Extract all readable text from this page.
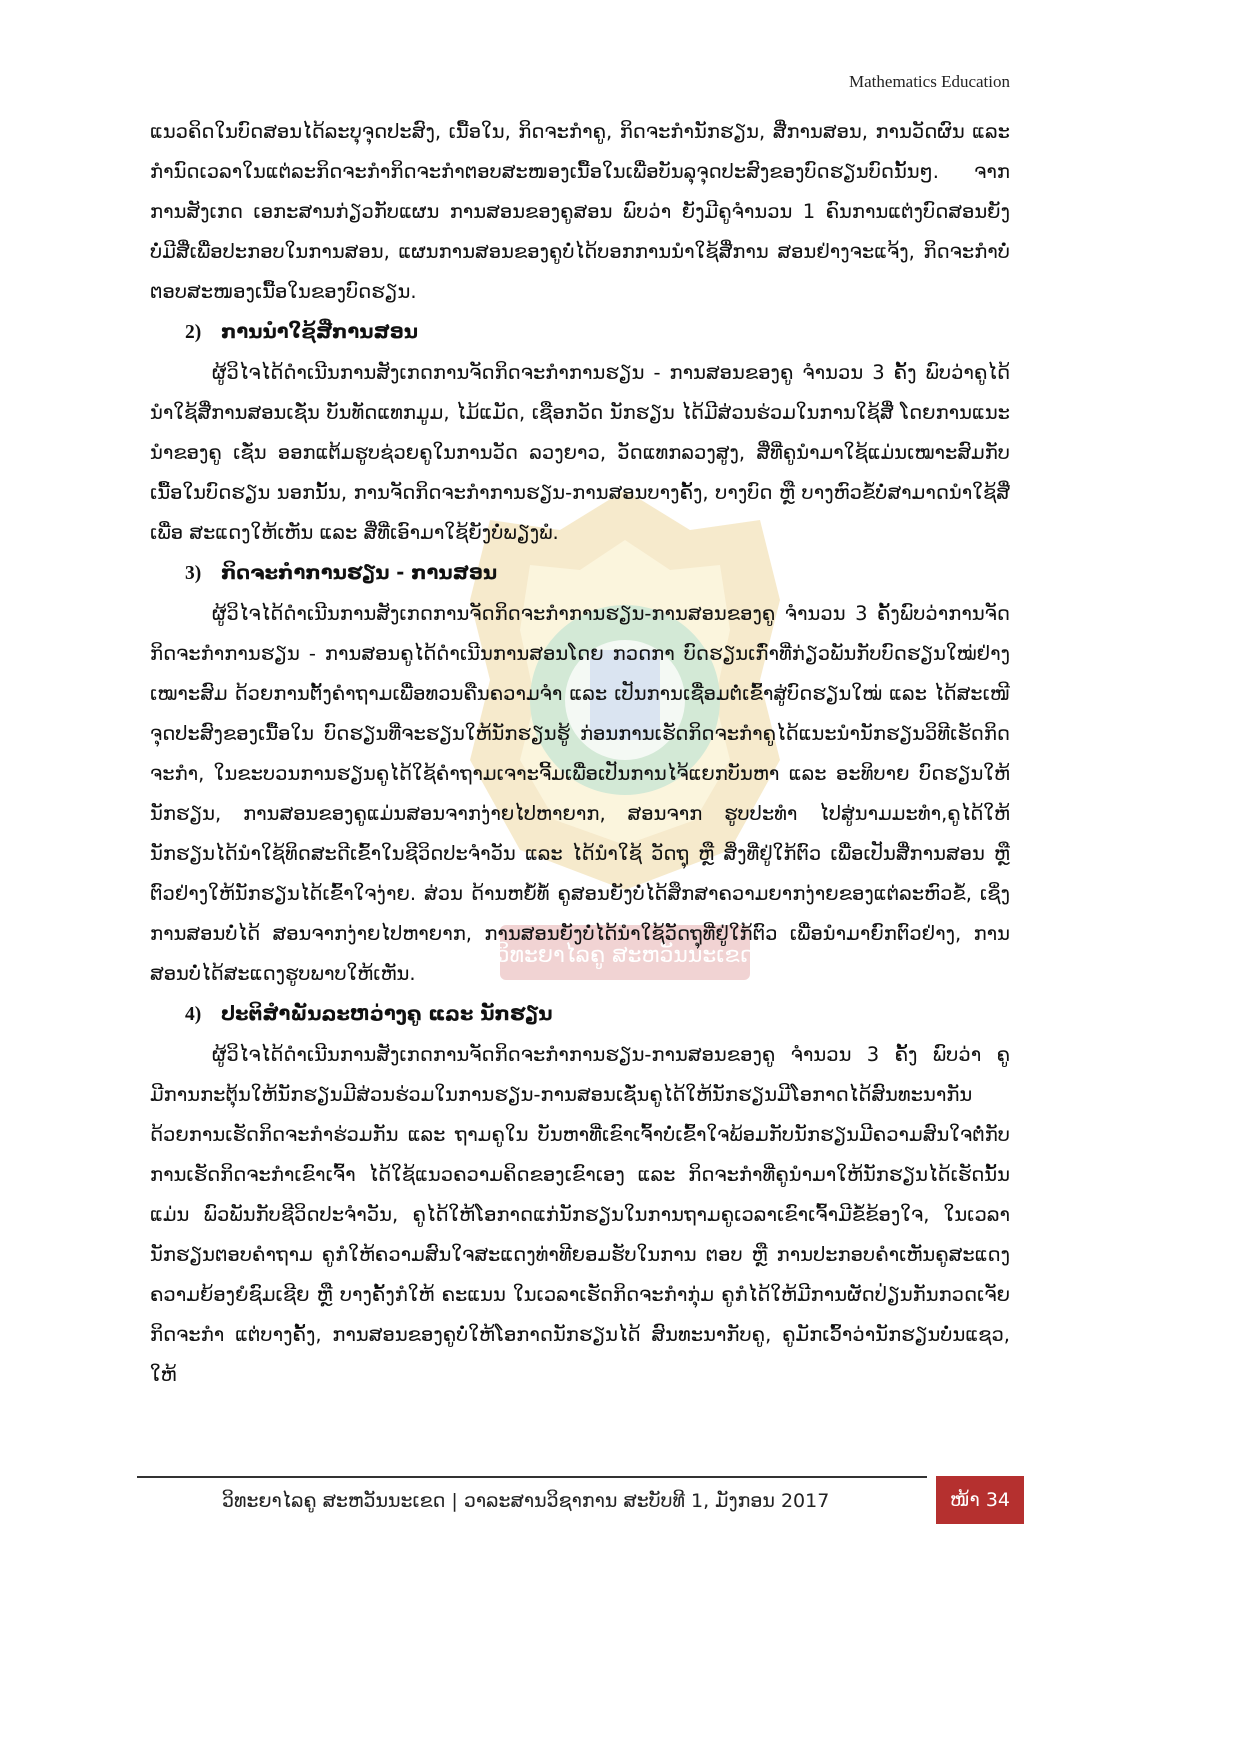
Mathematics Education
ວິທະຍາໄລຄູ ສະຫວັນນະເຂດ

ແນວຄິດໃນບົດສອນໄດ້ລະບຸຈຸດປະສົງ, ເນື້ອໃນ, ກິດຈະກໍາຄູ, ກິດຈະກໍານັກຮຽນ, ສື່ການສອນ, ການວັດຜົນ ແລະ ກໍານົດເວລາໃນແຕ່ລະກິດຈະກໍາກິດຈະກໍາຕອບສະໜອງເນື້ອໃນເພື່ອບັນລຸຈຸດປະສົງຂອງບົດຮຽນບົດນັ້ນໆ. ຈາກການສັງເກດ ເອກະສານກ່ຽວກັບແຜນ ການສອນຂອງຄູສອນ ພົບວ່າ ຍັງມີຄູຈໍານວນ 1 ຄົນການແຕ່ງບົດສອນຍັງບໍ່ມີສື່ເພື່ອປະກອບໃນການສອນ, ແຜນການສອນຂອງຄູບໍ່ໄດ້ບອກການນໍາໃຊ້ສື່ການ ສອນຢ່າງຈະແຈ້ງ, ກິດຈະກໍາບໍ່ຕອບສະໜອງເນື້ອໃນຂອງບົດຮຽນ.

2) ການນໍາໃຊ້ສື່ການສອນ

ຜູ້ວິໄຈໄດ້ດໍາເນີນການສັງເກດການຈັດກິດຈະກໍາການຮຽນ - ການສອນຂອງຄູ ຈໍານວນ 3 ຄັ້ງ ພົບວ່າຄູໄດ້ນໍາໃຊ້ສື່ການສອນເຊັ່ນ ບັນທັດແທກມູມ, ໄມ້ແມັດ, ເຊືອກວັດ ນັກຮຽນ ໄດ້ມີສ່ວນຮ່ວມໃນການໃຊ້ສື່ ໂດຍການແນະນໍາຂອງຄູ ເຊັ່ນ ອອກແຕ້ມຮູບຊ່ວຍຄູໃນການວັດ ລວງຍາວ, ວັດແທກລວງສູງ, ສື່ທີ່ຄູນໍາມາໃຊ້ແມ່ນເໝາະສົມກັບເນື້ອໃນບົດຮຽນ ນອກນັ້ນ, ການຈັດກິດຈະກໍາການຮຽນ-ການສອນບາງຄັ້ງ, ບາງບົດ ຫຼື ບາງຫົວຂໍ້ບໍ່ສາມາດນໍາໃຊ້ສື່ເພື່ອ ສະແດງໃຫ້ເຫັນ ແລະ ສື່ທີ່ເອົາມາໃຊ້ຍັງບໍ່ພຽງພໍ.

3) ກິດຈະກໍາການຮຽນ - ການສອນ

ຜູ້ວິໄຈໄດ້ດໍາເນີນການສັງເກດການຈັດກິດຈະກໍາການຮຽນ-ການສອນຂອງຄູ ຈໍານວນ 3 ຄັ້ງພົບວ່າການຈັດກິດຈະກໍາການຮຽນ - ການສອນຄູໄດ້ດໍາເນີນການສອນໂດຍ ກວດກາ ບົດຮຽນເກົ່າທີ່ກ່ຽວພັນກັບບົດຮຽນໃໝ່ຢ່າງ ເໝາະສົມ ດ້ວຍການຕັ້ງຄໍາຖາມເພື່ອທວນຄືນຄວາມຈໍາ ແລະ ເປັນການເຊື່ອມຕໍ່ເຂົ້າສູ່ບົດຮຽນໃໝ່ ແລະ ໄດ້ສະເໜີຈຸດປະສົງຂອງເນື້ອໃນ ບົດຮຽນທີ່ຈະຮຽນໃຫ້ນັກຮຽນຮູ້ ກ່ອນການເຮັດກິດຈະກໍາຄູໄດ້ແນະນໍານັກຮຽນວິທີເຮັດກິດຈະກໍາ, ໃນຂະບວນການຮຽນຄູໄດ້ໃຊ້ຄໍາຖາມເຈາະຈີ້ມເພື່ອເປັນການໄຈ້ແຍກບັນຫາ ແລະ ອະທິບາຍ ບົດຮຽນໃຫ້ນັກຮຽນ, ການສອນຂອງຄູແມ່ນສອນຈາກງ່າຍໄປຫາຍາກ, ສອນຈາກ ຮູບປະທໍາ ໄປສູ່ນາມມະທໍາ,ຄູໄດ້ໃຫ້ນັກຮຽນໄດ້ນໍາໃຊ້ທິດສະດີເຂົ້າໃນຊີວິດປະຈໍາວັນ ແລະ ໄດ້ນໍາໃຊ້ ວັດຖຸ ຫຼື ສິ່ງທີ່ຢູ່ໃກ້ຕົວ ເພື່ອເປັນສື່ການສອນ ຫຼື ຕົວຢ່າງໃຫ້ນັກຮຽນໄດ້ເຂົ້າໃຈງ່າຍ. ສ່ວນ ດ້ານຫຍໍ້ທໍ້ ຄູສອນຍັງບໍ່ໄດ້ສຶກສາຄວາມຍາກງ່າຍຂອງແຕ່ລະຫົວຂໍ້, ເຊິ່ງການສອນບໍ່ໄດ້ ສອນຈາກງ່າຍໄປຫາຍາກ, ການສອນຍັງບໍ່ໄດ້ນໍາໃຊ້ວັດຖຸທີ່ຢູ່ໃກ້ຕົວ ເພື່ອນໍາມາຍົກຕົວຢ່າງ, ການສອນບໍ່ໄດ້ສະແດງຮູບພາບໃຫ້ເຫັນ.

4) ປະຕິສໍາພັນລະຫວ່າງຄູ ແລະ ນັກຮຽນ

ຜູ້ວິໄຈໄດ້ດໍາເນີນການສັງເກດການຈັດກິດຈະກໍາການຮຽນ-ການສອນຂອງຄູ ຈໍານວນ 3 ຄັ້ງ ພົບວ່າ ຄູມີການກະຕຸ້ນໃຫ້ນັກຮຽນມີສ່ວນຮ່ວມໃນການຮຽນ-ການສອນເຊັ່ນຄູໄດ້ໃຫ້ນັກຮຽນມີໂອກາດໄດ້ສົນທະນາກັນດ້ວຍການເຮັດກິດຈະກໍາຮ່ວມກັນ ແລະ ຖາມຄູໃນ ບັນຫາທີ່ເຂົາເຈົ້າບໍ່ເຂົ້າໃຈພ້ອມກັບນັກຮຽນມີຄວາມສົນໃຈຕໍ່ກັບການເຮັດກິດຈະກໍາເຂົາເຈົ້າ ໄດ້ໃຊ້ແນວຄວາມຄິດຂອງເຂົາເອງ ແລະ ກິດຈະກໍາທີ່ຄູນໍາມາໃຫ້ນັກຮຽນໄດ້ເຮັດນັ້ນແມ່ນ ພົວພັນກັບຊີວິດປະຈໍາວັນ, ຄູໄດ້ໃຫ້ໂອກາດແກ່ນັກຮຽນໃນການຖາມຄູເວລາເຂົາເຈົ້າມີຂໍ້ຂ້ອງໃຈ, ໃນເວລານັກຮຽນຕອບຄໍາຖາມ ຄູກໍໃຫ້ຄວາມສົນໃຈສະແດງທ່າທີຍອມຮັບໃນການ ຕອບ ຫຼື ການປະກອບຄໍາເຫັນຄູສະແດງຄວາມຍ້ອງຍໍຊົມເຊີຍ ຫຼື ບາງຄັ້ງກໍໃຫ້ ຄະແນນ ໃນເວລາເຮັດກິດຈະກໍາກຸ່ມ ຄູກໍໄດ້ໃຫ້ມີການຜັດປ່ຽນກັນກວດເຈັຍກິດຈະກໍາ ແຕ່ບາງຄັ້ງ, ການສອນຂອງຄູບໍ່ໃຫ້ໂອກາດນັກຮຽນໄດ້ ສົນທະນາກັບຄູ, ຄູມັກເວົ້າວ່ານັກຮຽນບໍ່ນແຊວ, ໃຫ້

ວິທະຍາໄລຄູ ສະຫວັນນະເຂດ | ວາລະສານວິຊາການ ສະບັບທີ 1, ມັງກອນ 2017	ໜ້າ 34
